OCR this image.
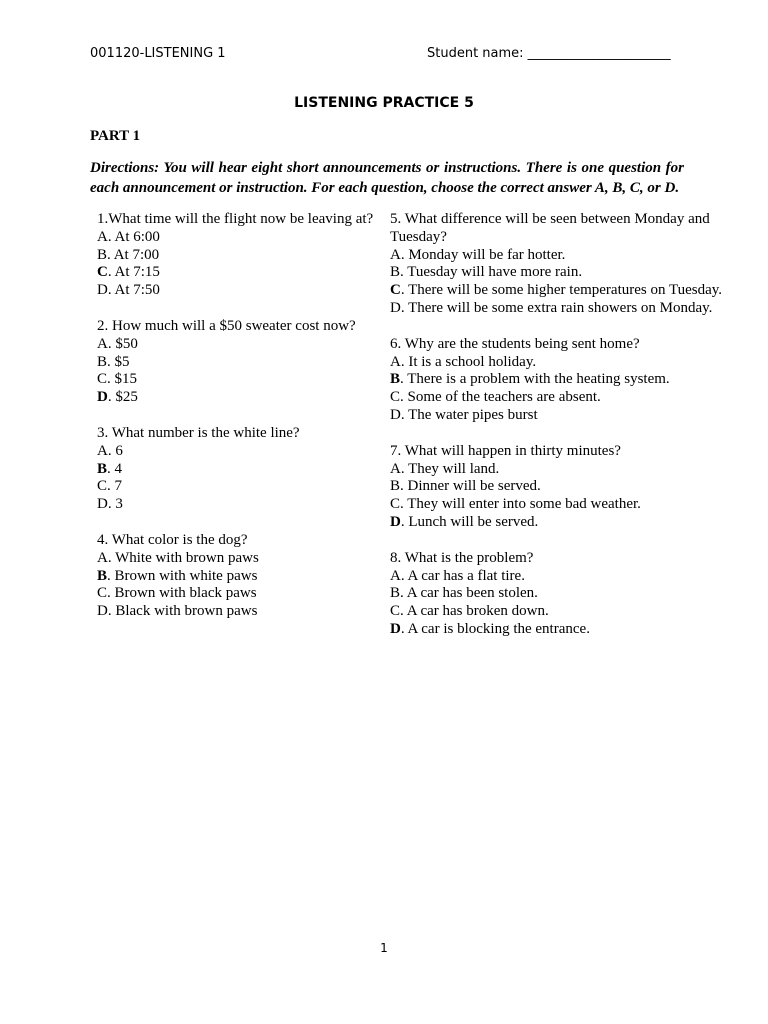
001120-LISTENING 1	Student name: ______________________
LISTENING PRACTICE 5
PART 1
Directions: You will hear eight short announcements or instructions. There is one question for each announcement or instruction. For each question, choose the correct answer A, B, C, or D.
1.What time will the flight now be leaving at?
A. At 6:00
B. At 7:00
C. At 7:15
D. At 7:50
2. How much will a $50 sweater cost now?
A. $50
B. $5
C. $15
D. $25
3. What number is the white line?
A. 6
B. 4
C. 7
D. 3
4. What color is the dog?
A. White with brown paws
B. Brown with white paws
C. Brown with black paws
D. Black with brown paws
5. What difference will be seen between Monday and Tuesday?
A. Monday will be far hotter.
B. Tuesday will have more rain.
C. There will be some higher temperatures on Tuesday.
D. There will be some extra rain showers on Monday.
6. Why are the students being sent home?
A. It is a school holiday.
B. There is a problem with the heating system.
C. Some of the teachers are absent.
D. The water pipes burst
7. What will happen in thirty minutes?
A. They will land.
B. Dinner will be served.
C. They will enter into some bad weather.
D. Lunch will be served.
8. What is the problem?
A. A car has a flat tire.
B. A car has been stolen.
C. A car has broken down.
D. A car is blocking the entrance.
1
